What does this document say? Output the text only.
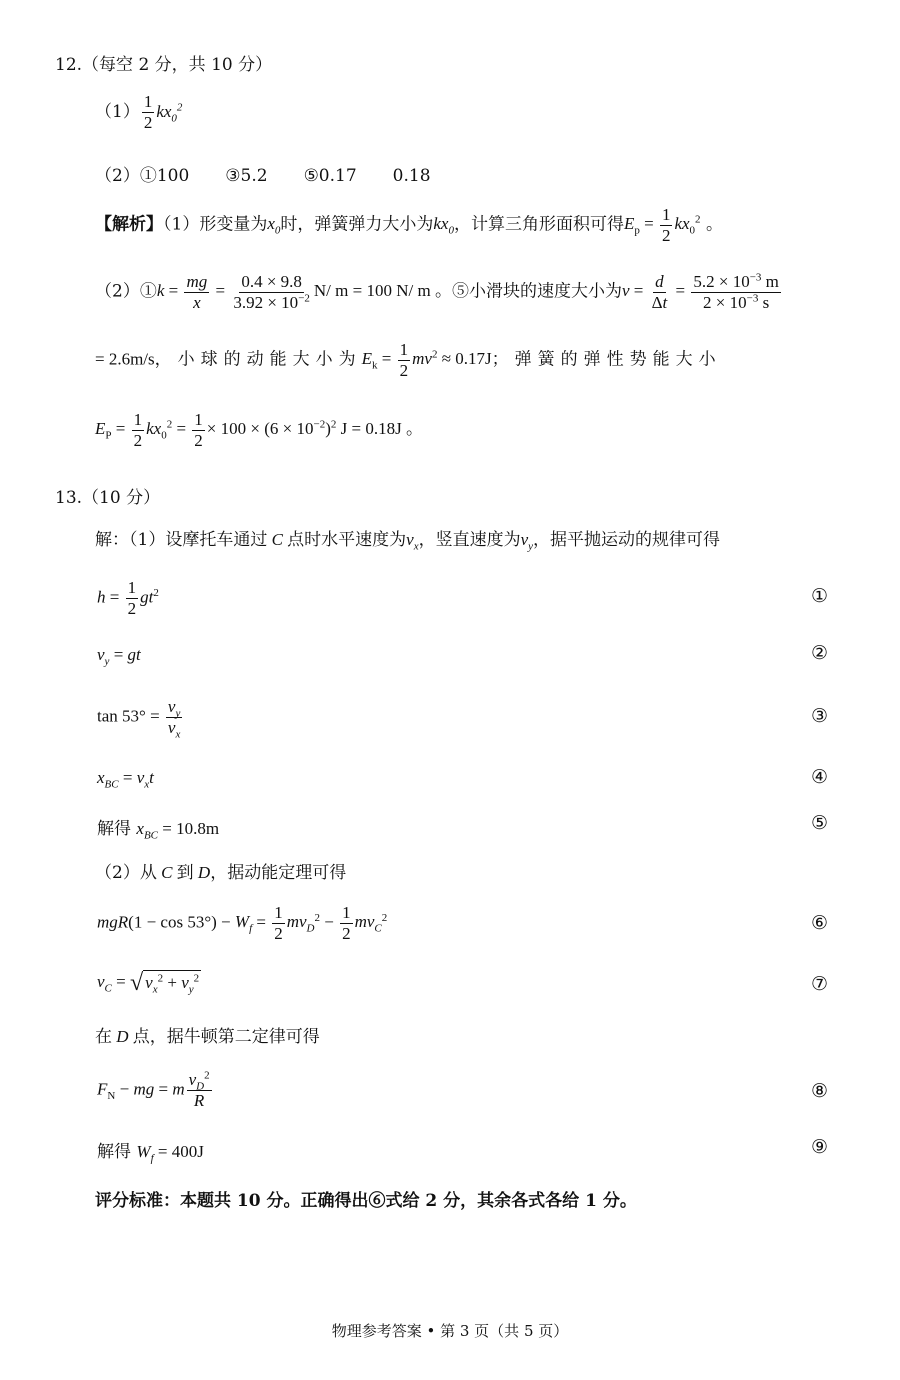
12.（每空 2 分，共 10 分）
$(1) \frac{1}{2} kx_0^2$
（2）①100 ③5.2 ⑤0.17 0.18
【解析】（1）形变量为$x_0$时，弹簧弹力大小为$kx_0$，计算三角形面积可得$E_p = \frac{1}{2} kx_0^2$ 。
（2）①k = $\frac{mg}{x} = \frac{0.4 \times 9.8}{3.92 \times 10^{-2}} N/$ m = 100 N/ m 。⑤小滑块的速度大小为$v = \frac{d}{\Delta t} = \frac{5.2 \times 10^{-3} m}{2 \times 10^{-3} s}$
= 2.6m/s，小球的动能大小为$E_k = \frac{1}{2} mv^2 \approx 0.17J$；弹簧的弹性势能大小
$E_P = \frac{1}{2} kx_0^2 = \frac{1}{2} \times 100 \times (6 \times 10^{-2})^2$ J = 0.18J 。
13.（10 分）
解：（1）设摩托车通过 C 点时水平速度为$v_x$，竖直速度为$v_y$，据平抛运动的规律可得
$h = \frac{1}{2} gt^2$	①
$v_y$ = gt	②
$\tan 53^\circ = \frac{v_y}{v_x}$	③
$x_{BC} = v_xt$	④
解得 $x_{BC} = 10.8m$	⑤
（2）从 C 到 D，据动能定理可得
$mgR(1 - \cos 53^\circ) - W_f = \frac{1}{2} mv_D^2 - \frac{1}{2} mv_C^2$	⑥
$v_C$ = √ $v_x^2 + v_y^2$	⑦
在 D 点，据牛顿第二定律可得
$F_N$ − mg = m $\frac{v_D^2}{R}$	⑧
解得 $W_f = 400J$	⑨
评分标准：本题共 10 分。正确得出⑥式给 2 分，其余各式各给 1 分。
物理参考答案 • 第 3 页（共 5 页）
